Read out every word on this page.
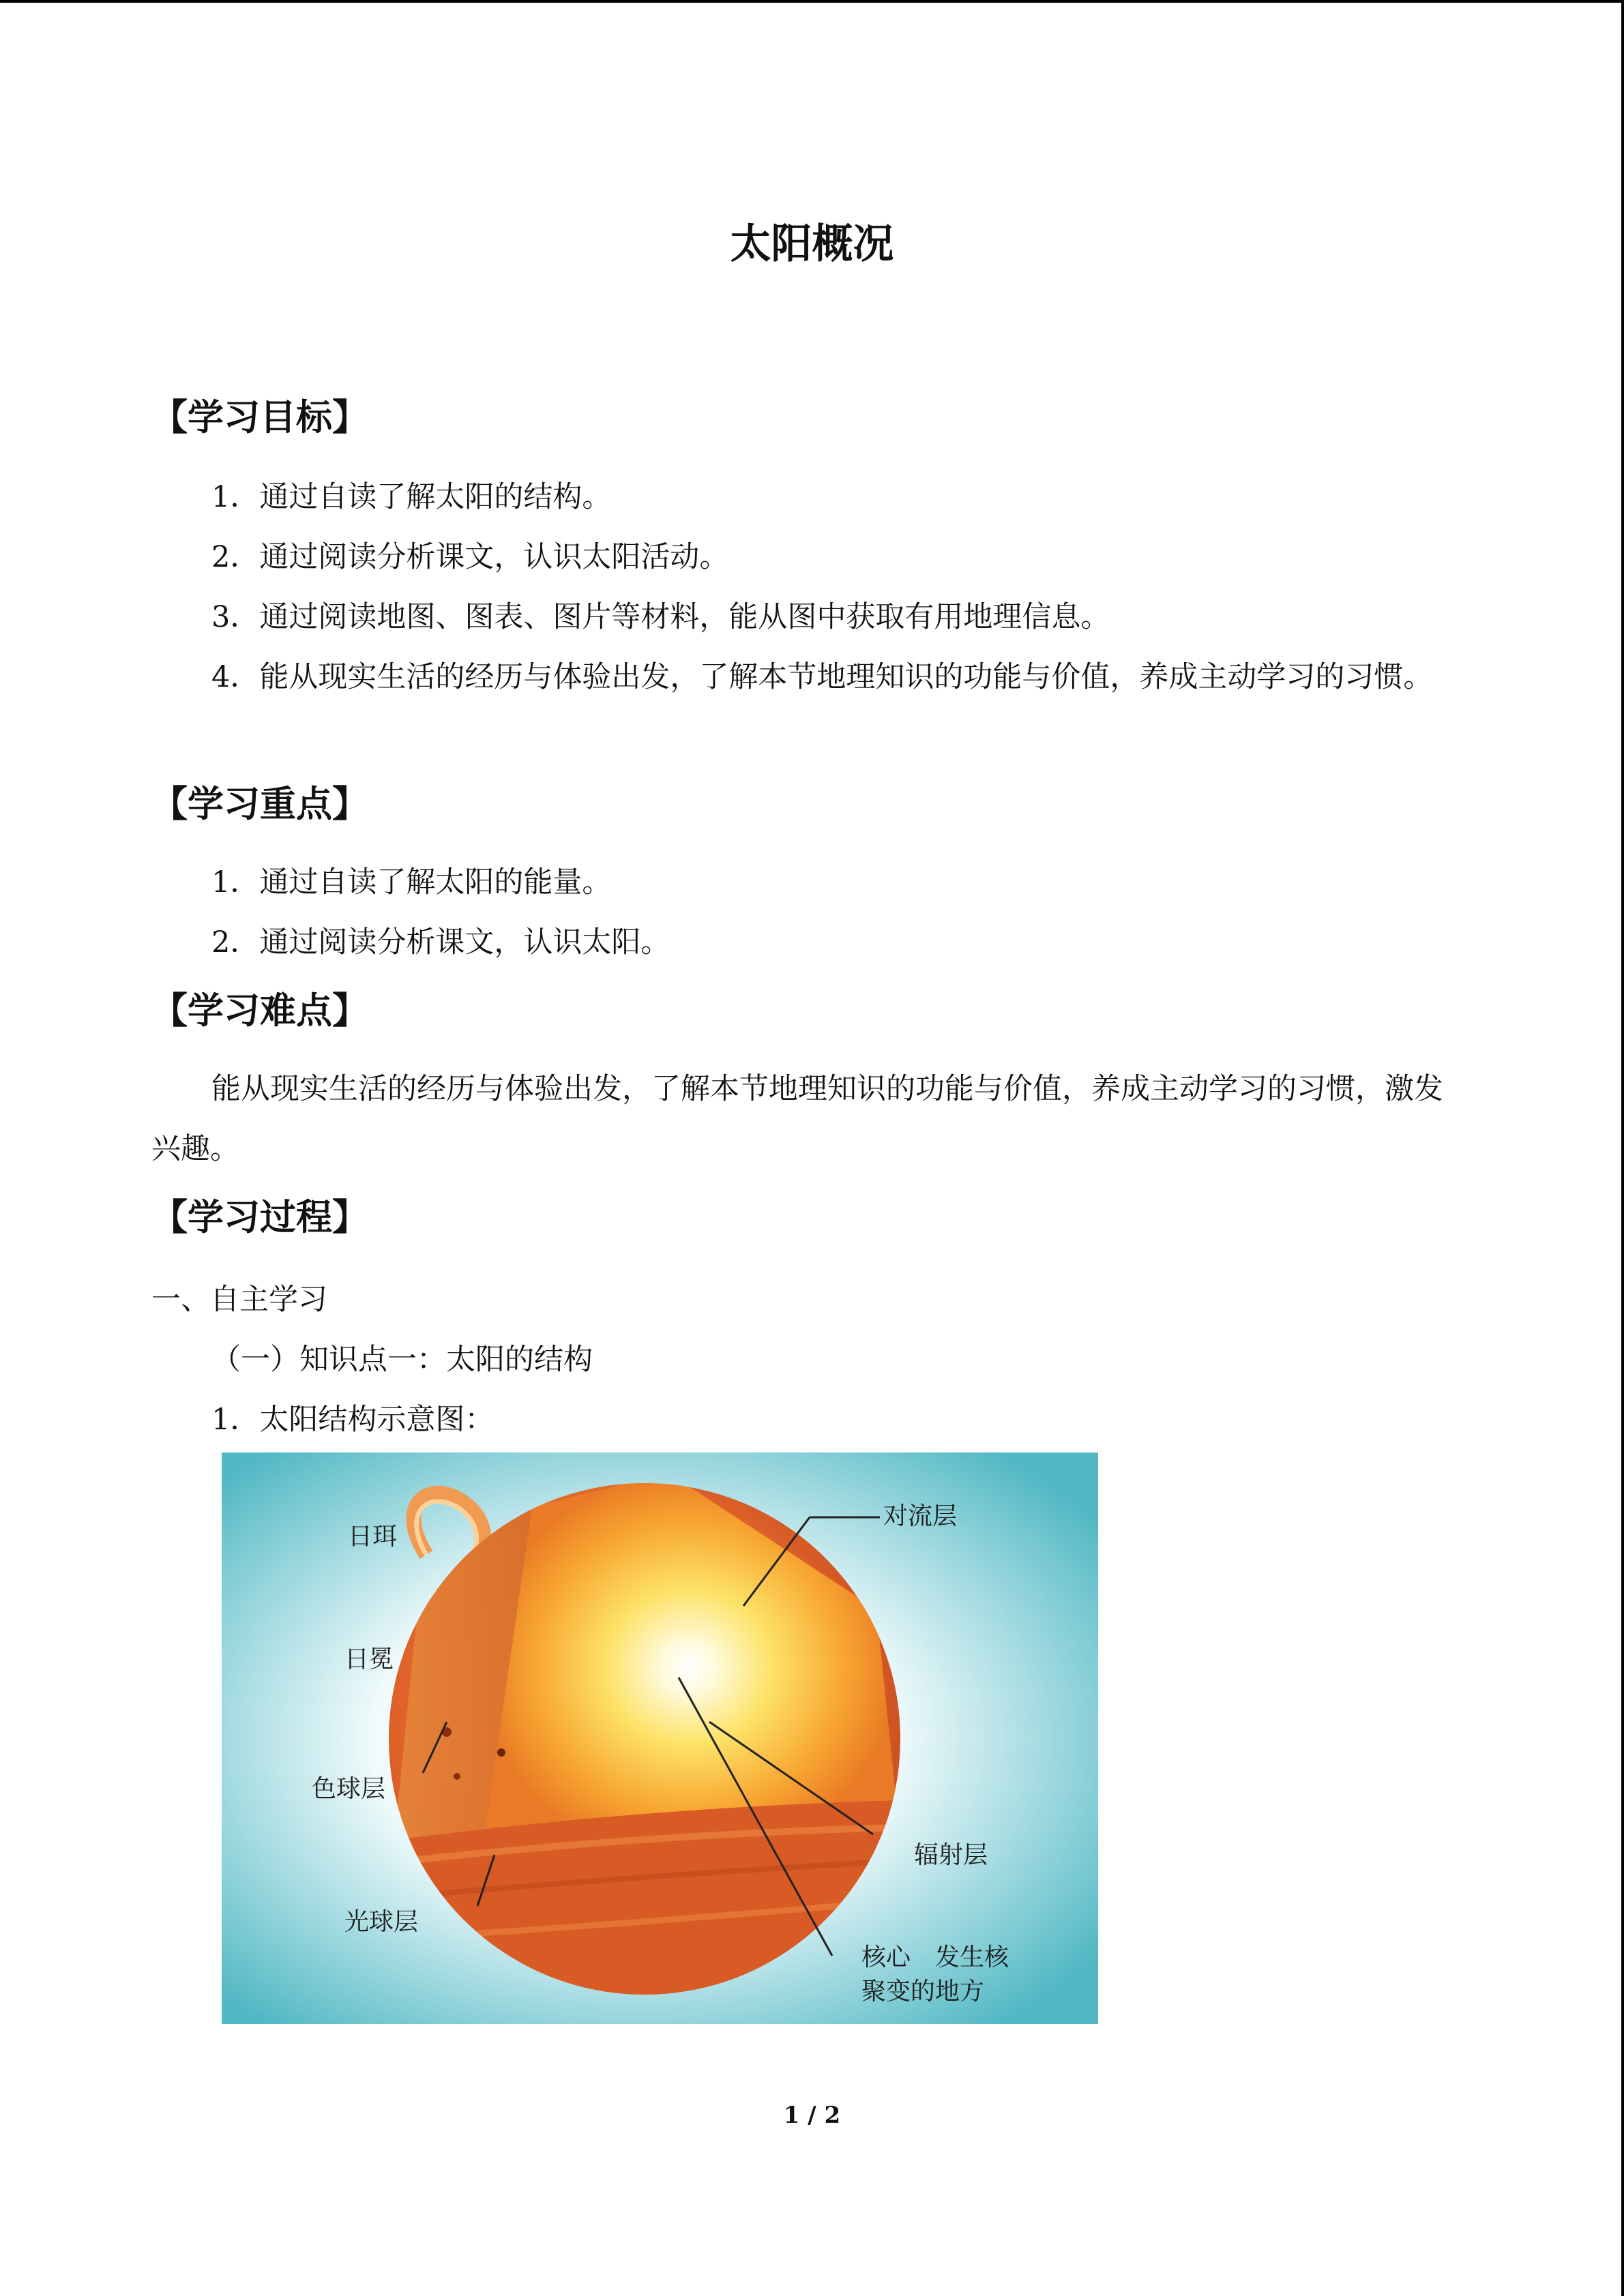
太阳概况
【学习目标】
1．通过自读了解太阳的结构。
2．通过阅读分析课文，认识太阳活动。
3．通过阅读地图、图表、图片等材料，能从图中获取有用地理信息。
4．能从现实生活的经历与体验出发，了解本节地理知识的功能与价值，养成主动学习的习惯。
【学习重点】
1．通过自读了解太阳的能量。
2．通过阅读分析课文，认识太阳。
【学习难点】
能从现实生活的经历与体验出发，了解本节地理知识的功能与价值，养成主动学习的习惯，激发兴趣。
【学习过程】
一、自主学习
（一）知识点一：太阳的结构
1．太阳结构示意图：
日珥
日冕
色球层
光球层
对流层
辐射层
核心　发生核
聚变的地方
1 / 2
